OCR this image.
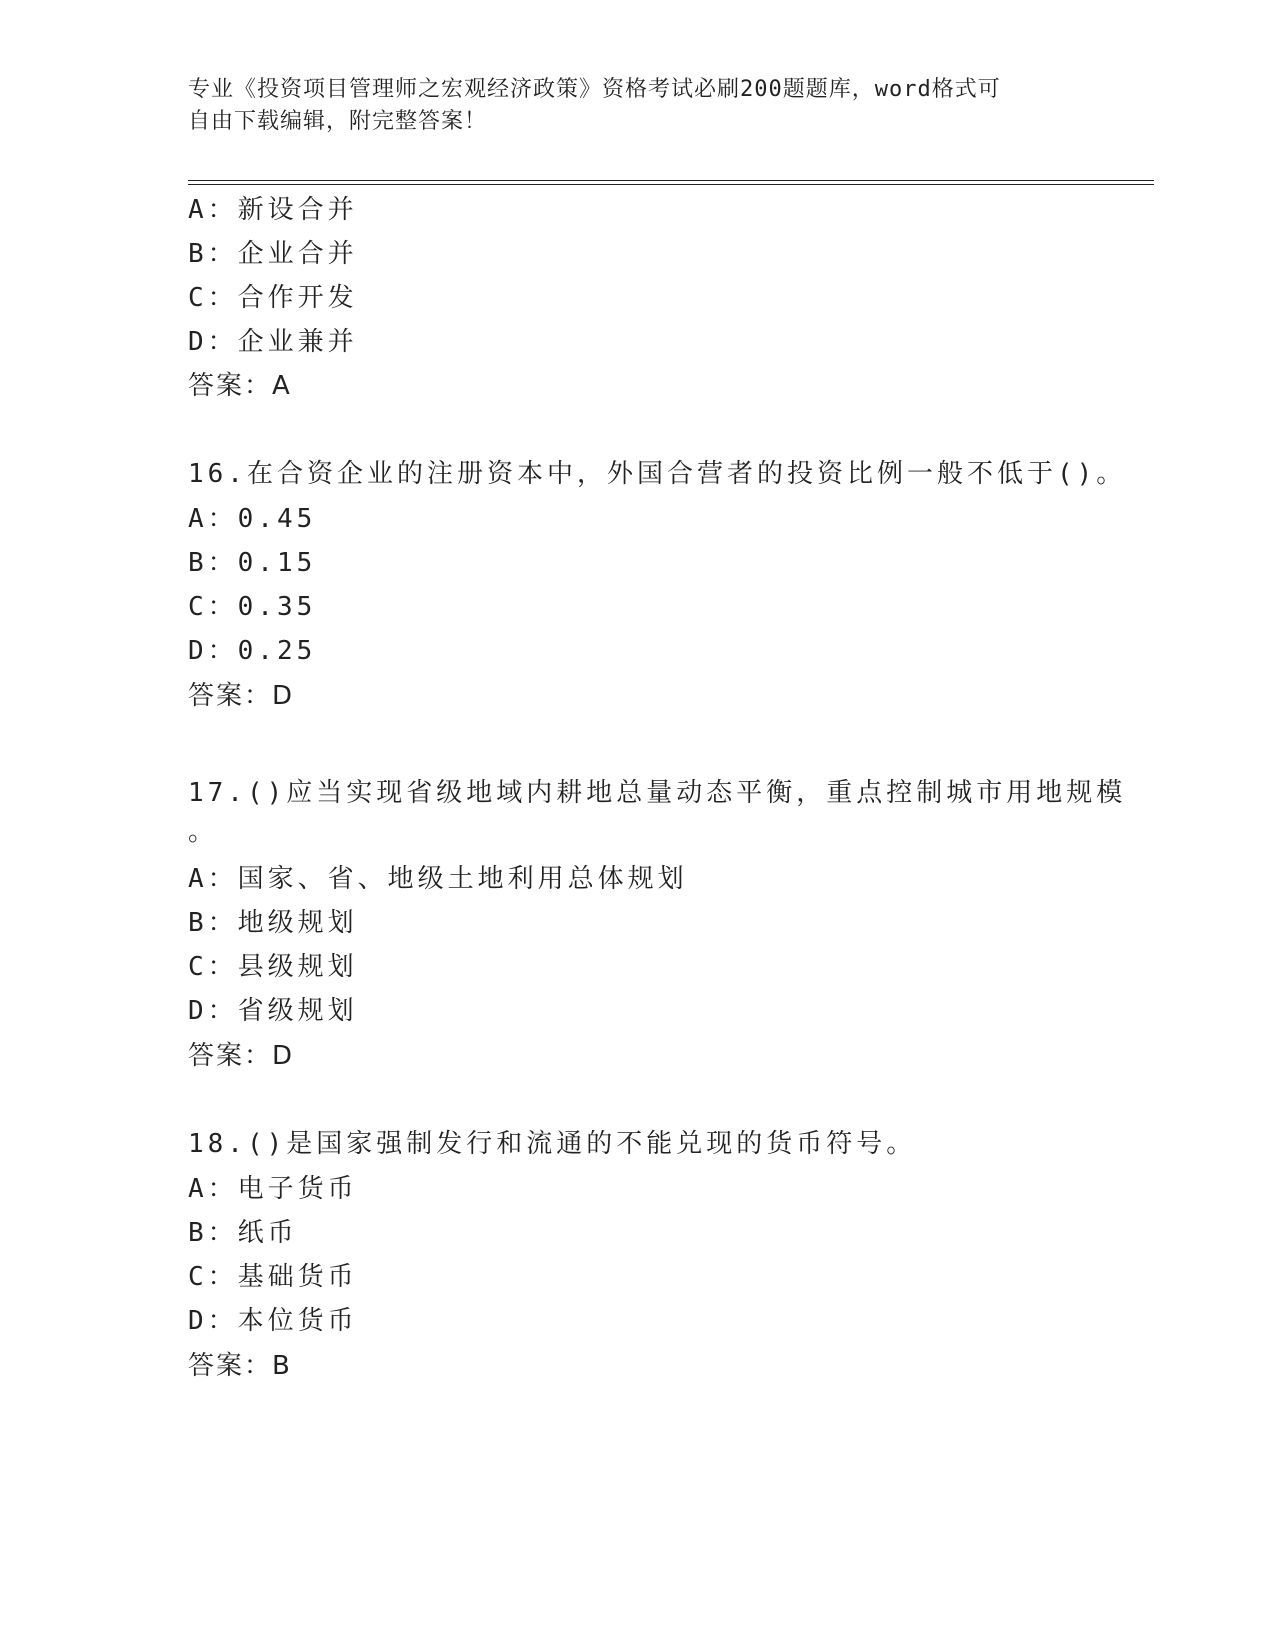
专业《投资项目管理师之宏观经济政策》资格考试必刷200题题库，word格式可
自由下载编辑，附完整答案！
A：新设合并
B：企业合并
C：合作开发
D：企业兼并
答案：A
16.在合资企业的注册资本中，外国合营者的投资比例一般不低于()。
A：0.45
B：0.15
C：0.35
D：0.25
答案：D
17.()应当实现省级地域内耕地总量动态平衡，重点控制城市用地规模
。
A：国家、省、地级土地利用总体规划
B：地级规划
C：县级规划
D：省级规划
答案：D
18.()是国家强制发行和流通的不能兑现的货币符号。
A：电子货币
B：纸币
C：基础货币
D：本位货币
答案：B
